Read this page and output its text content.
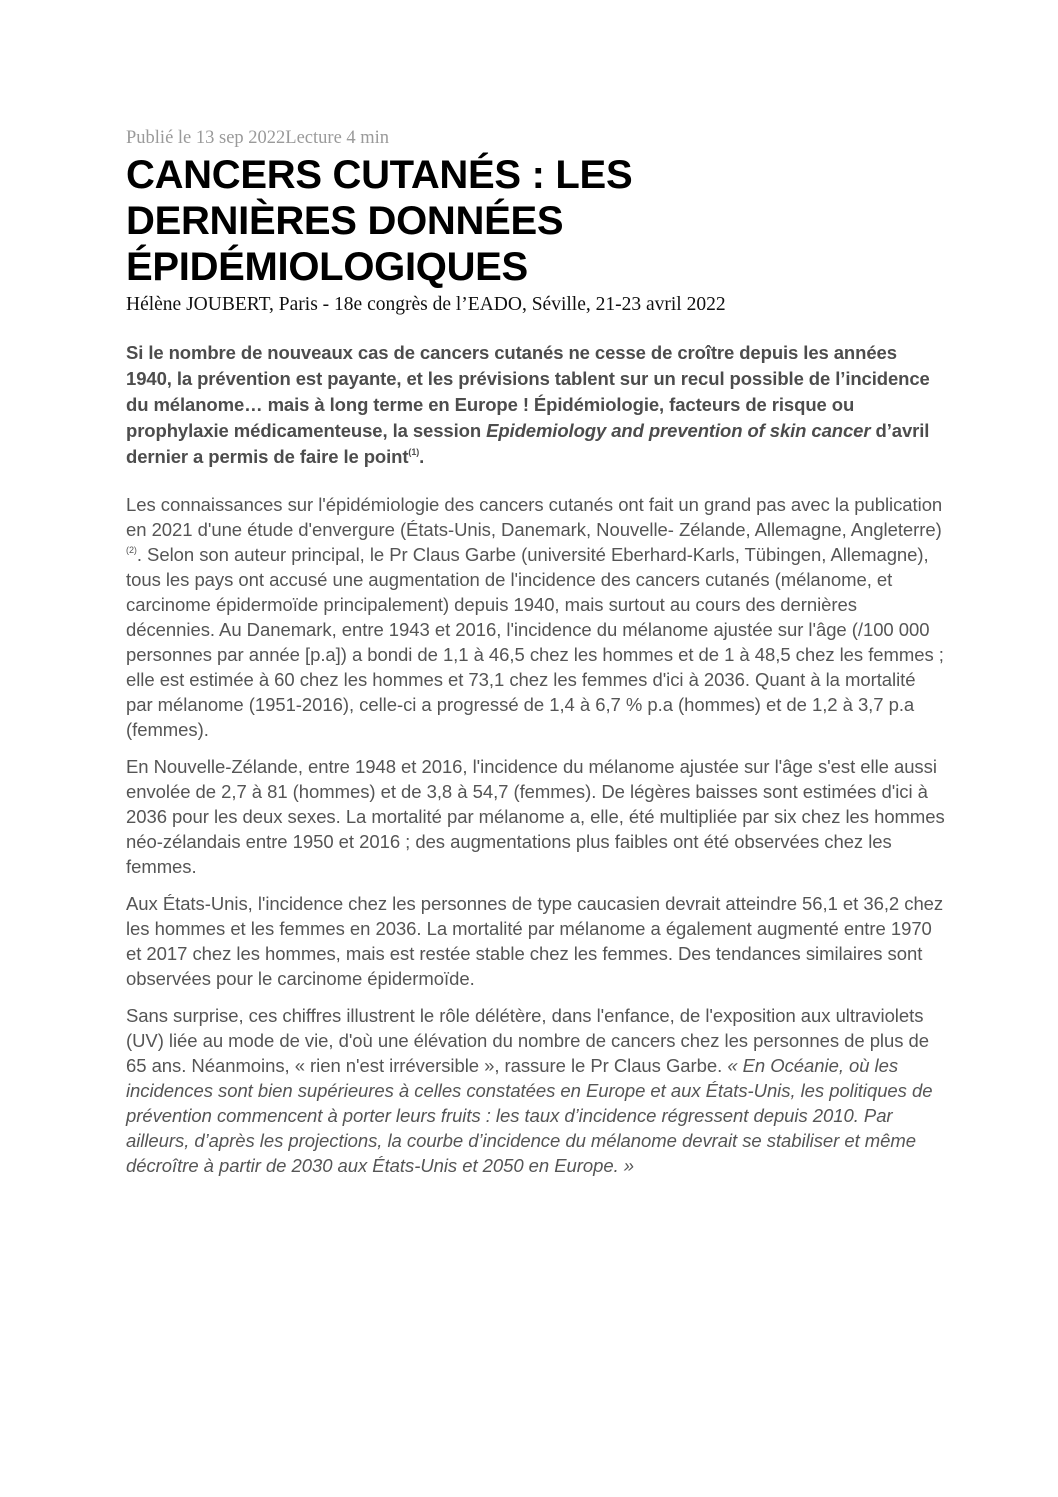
Publié le 13 sep 2022Lecture 4 min

CANCERS CUTANÉS : LES
DERNIÈRES DONNÉES
ÉPIDÉMIOLOGIQUES

Hélène JOUBERT, Paris - 18e congrès de l’EADO, Séville, 21-23 avril 2022

Si le nombre de nouveaux cas de cancers cutanés ne cesse de croître depuis les années 1940, la prévention est payante, et les prévisions tablent sur un recul possible de l’incidence du mélanome… mais à long terme en Europe ! Épidémiologie, facteurs de risque ou prophylaxie médicamenteuse, la session Epidemiology and prevention of skin cancer d’avril dernier a permis de faire le point$^{(1)}$.

Les connaissances sur l'épidémiologie des cancers cutanés ont fait un grand pas avec la publication en 2021 d'une étude d'envergure (États-Unis, Danemark, Nouvelle- Zélande, Allemagne, Angleterre)$^{(2)}$. Selon son auteur principal, le Pr Claus Garbe (université Eberhard-Karls, Tübingen, Allemagne), tous les pays ont accusé une augmentation de l'incidence des cancers cutanés (mélanome, et carcinome épidermoïde principalement) depuis 1940, mais surtout au cours des dernières décennies. Au Danemark, entre 1943 et 2016, l'incidence du mélanome ajustée sur l'âge (/100 000 personnes par année [p.a]) a bondi de 1,1 à 46,5 chez les hommes et de 1 à 48,5 chez les femmes ; elle est estimée à 60 chez les hommes et 73,1 chez les femmes d'ici à 2036. Quant à la mortalité par mélanome (1951-2016), celle-ci a progressé de 1,4 à 6,7 % p.a (hommes) et de 1,2 à 3,7 p.a (femmes).

En Nouvelle-Zélande, entre 1948 et 2016, l'incidence du mélanome ajustée sur l'âge s'est elle aussi envolée de 2,7 à 81 (hommes) et de 3,8 à 54,7 (femmes). De légères baisses sont estimées d'ici à 2036 pour les deux sexes. La mortalité par mélanome a, elle, été multipliée par six chez les hommes néo-zélandais entre 1950 et 2016 ; des augmentations plus faibles ont été observées chez les femmes.

Aux États-Unis, l'incidence chez les personnes de type caucasien devrait atteindre 56,1 et 36,2 chez les hommes et les femmes en 2036. La mortalité par mélanome a également augmenté entre 1970 et 2017 chez les hommes, mais est restée stable chez les femmes. Des tendances similaires sont observées pour le carcinome épidermoïde.

Sans surprise, ces chiffres illustrent le rôle délétère, dans l'enfance, de l'exposition aux ultraviolets (UV) liée au mode de vie, d'où une élévation du nombre de cancers chez les personnes de plus de 65 ans. Néanmoins, « rien n'est irréversible », rassure le Pr Claus Garbe. « En Océanie, où les incidences sont bien supérieures à celles constatées en Europe et aux États-Unis, les politiques de prévention commencent à porter leurs fruits : les taux d’incidence régressent depuis 2010. Par ailleurs, d’après les projections, la courbe d’incidence du mélanome devrait se stabiliser et même décroître à partir de 2030 aux États-Unis et 2050 en Europe. »
